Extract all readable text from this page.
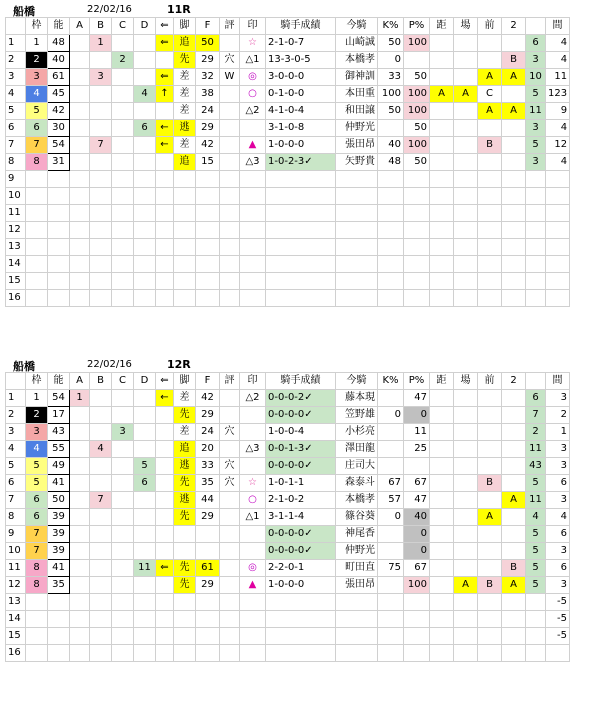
船橋	22/02/16	11R
	枠	能	A	B	C	D	⇐	脚	F	評	印	騎手成績	今騎	K%	P%	距	場	前	2		間
1	1	48		1			⇐	追	50		☆	2-1-0-7	山崎誠	50	100					6	4
2	2	40			2			先	29	穴	△1	13-3-0-5	本橋孝	0					B	3	4
3	3	61		3			⇐	差	32	W	◎	3-0-0-0	御神訓	33	50			A	A	10	11
4	4	45				4	↑	差	38		○	0-1-0-0	本田重	100	100	A	A	C		5	123
5	5	42						差	24		△2	4-1-0-4	和田譲	50	100			A	A	11	9
6	6	30				6	←	逃	29			3-1-0-8	仲野光		50					3	4
7	7	54		7			←	差	42		▲	1-0-0-0	張田昂	40	100			B		5	12
8	8	31						追	15		△3	1-0-2-3✓	矢野貴	48	50					3	4
9																					
10																					
11																					
12																					
13																					
14																					
15																					
16																					
船橋	22/02/16	12R
	枠	能	A	B	C	D	⇐	脚	F	評	印	騎手成績	今騎	K%	P%	距	場	前	2		間
1	1	54	1				←	差	42		△2	0-0-0-2✓	藤本現		47					6	3
2	2	17						先	29			0-0-0-0✓	笠野雄	0	0					7	2
3	3	43			3			差	24	穴		1-0-0-4	小杉亮		11					2	1
4	4	55		4				追	20		△3	0-0-1-3✓	澤田龍		25					11	3
5	5	49				5		逃	33	穴		0-0-0-0✓	庄司大							43	3
6	5	41				6		先	35	穴	☆	1-0-1-1	森泰斗	67	67			B		5	6
7	6	50		7				逃	44		○	2-1-0-2	本橋孝	57	47				A	11	3
8	6	39						先	29		△1	3-1-1-4	篠谷葵	0	40			A		4	4
9	7	39										0-0-0-0✓	神尾香		0					5	6
10	7	39										0-0-0-0✓	仲野光		0					5	3
11	8	41				11	⇐	先	61		◎	2-2-0-1	町田直	75	67				B	5	6
12	8	35						先	29		▲	1-0-0-0	張田昂		100		A	B	A	5	3
13																					-5
14																					-5
15																					-5
16																					
